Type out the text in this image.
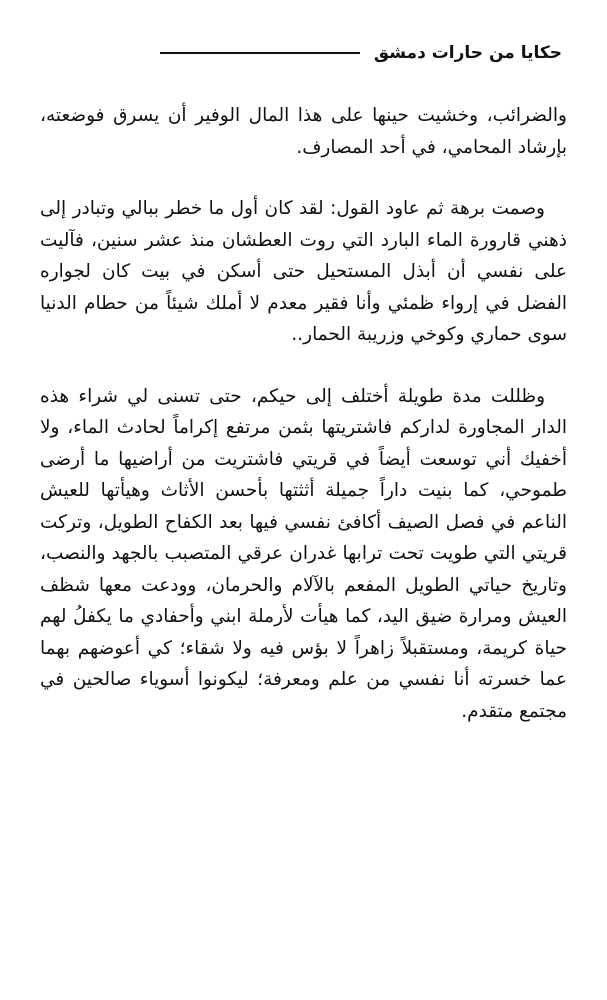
حكايا من حارات دمشق

والضرائب، وخشيت حينها على هذا المال الوفير أن يسرق فوضعته، بإرشاد المحامي، في أحد المصارف.

وصمت برهة ثم عاود القول: لقد كان أول ما خطر ببالي وتبادر إلى ذهني قارورة الماء البارد التي روت العطشان منذ عشر سنين، فآليت على نفسي أن أبذل المستحيل حتى أسكن في بيت كان لجواره الفضل في إرواء ظمئي وأنا فقير معدم لا أملك شيئاً من حطام الدنيا سوى حماري وكوخي وزريبة الحمار..

وظللت مدة طويلة أختلف إلى حيكم، حتى تسنى لي شراء هذه الدار المجاورة لداركم فاشتريتها بثمن مرتفع إكراماً لحادث الماء، ولا أخفيك أني توسعت أيضاً في قريتي فاشتريت من أراضيها ما أرضى طموحي، كما بنيت داراً جميلة أثثتها بأحسن الأثاث وهيأتها للعيش الناعم في فصل الصيف أكافئ نفسي فيها بعد الكفاح الطويل، وتركت قريتي التي طويت تحت ترابها غدران عرقي المتصبب بالجهد والنصب، وتاريخ حياتي الطويل المفعم بالآلام والحرمان، وودعت معها شظف العيش ومرارة ضيق اليد، كما هيأت لأرملة ابني وأحفادي ما يكفلُ لهم حياة كريمة، ومستقبلاً زاهراً لا بؤس فيه ولا شقاء؛ كي أعوضهم بهما عما خسرته أنا نفسي من علم ومعرفة؛ ليكونوا أسوياء صالحين في مجتمع متقدم.
